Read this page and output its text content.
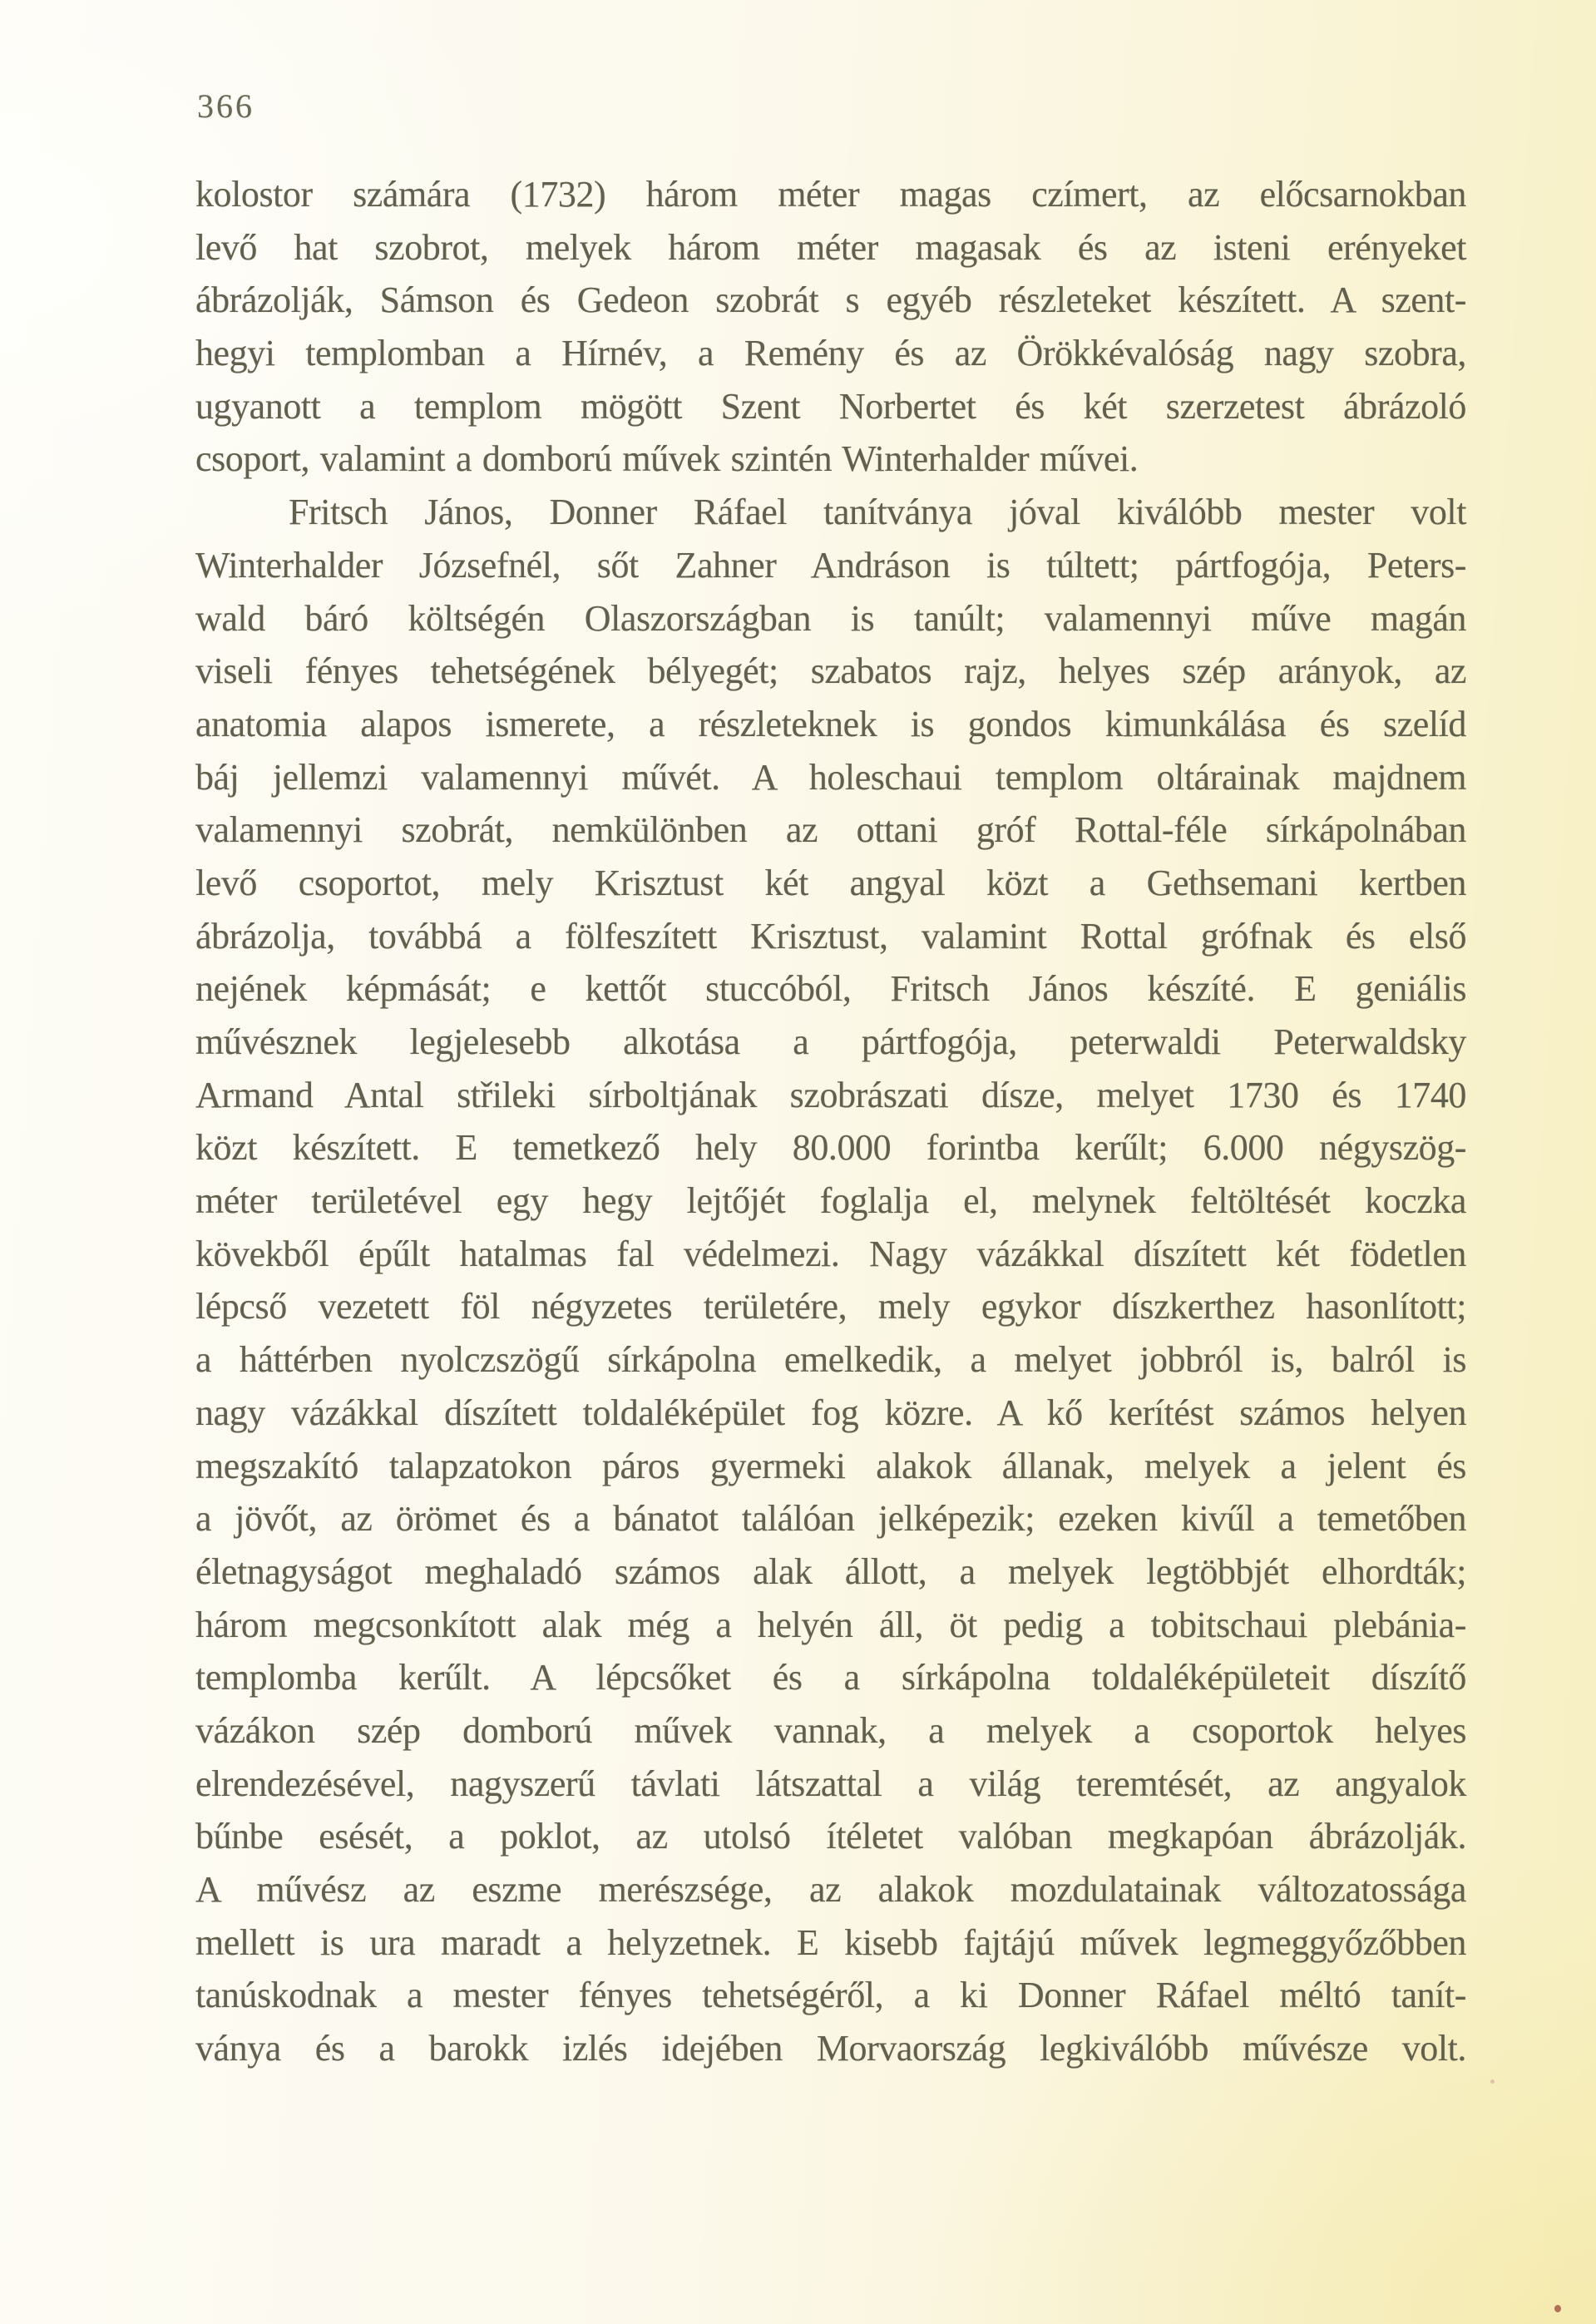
366
kolostor számára (1732) három méter magas czímert, az előcsarnokban
levő hat szobrot, melyek három méter magasak és az isteni erényeket
ábrázolják, Sámson és Gedeon szobrát s egyéb részleteket készített. A szent-
hegyi templomban a Hírnév, a Remény és az Örökkévalóság nagy szobra,
ugyanott a templom mögött Szent Norbertet és két szerzetest ábrázoló
csoport, valamint a domború művek szintén Winterhalder művei.
Fritsch János, Donner Ráfael tanítványa jóval kiválóbb mester volt
Winterhalder Józsefnél, sőt Zahner Andráson is túltett; pártfogója, Peters-
wald báró költségén Olaszországban is tanúlt; valamennyi műve magán
viseli fényes tehetségének bélyegét; szabatos rajz, helyes szép arányok, az
anatomia alapos ismerete, a részleteknek is gondos kimunkálása és szelíd
báj jellemzi valamennyi művét. A holeschaui templom oltárainak majdnem
valamennyi szobrát, nemkülönben az ottani gróf Rottal-féle sírkápolnában
levő csoportot, mely Krisztust két angyal közt a Gethsemani kertben
ábrázolja, továbbá a fölfeszített Krisztust, valamint Rottal grófnak és első
nejének képmását; e kettőt stuccóból, Fritsch János készíté. E geniális
művésznek legjelesebb alkotása a pártfogója, peterwaldi Peterwaldsky
Armand Antal střileki sírboltjának szobrászati dísze, melyet 1730 és 1740
közt készített. E temetkező hely 80.000 forintba kerűlt; 6.000 négyszög-
méter területével egy hegy lejtőjét foglalja el, melynek feltöltését koczka
kövekből épűlt hatalmas fal védelmezi. Nagy vázákkal díszített két födetlen
lépcső vezetett föl négyzetes területére, mely egykor díszkerthez hasonlított;
a háttérben nyolczszögű sírkápolna emelkedik, a melyet jobbról is, balról is
nagy vázákkal díszített toldaléképület fog közre. A kő kerítést számos helyen
megszakító talapzatokon páros gyermeki alakok állanak, melyek a jelent és
a jövőt, az örömet és a bánatot találóan jelképezik; ezeken kivűl a temetőben
életnagyságot meghaladó számos alak állott, a melyek legtöbbjét elhordták;
három megcsonkított alak még a helyén áll, öt pedig a tobitschaui plebánia-
templomba kerűlt. A lépcsőket és a sírkápolna toldaléképületeit díszítő
vázákon szép domború művek vannak, a melyek a csoportok helyes
elrendezésével, nagyszerű távlati látszattal a világ teremtését, az angyalok
bűnbe esését, a poklot, az utolsó ítéletet valóban megkapóan ábrázolják.
A művész az eszme merészsége, az alakok mozdulatainak változatossága
mellett is ura maradt a helyzetnek. E kisebb fajtájú művek legmeggyőzőbben
tanúskodnak a mester fényes tehetségéről, a ki Donner Ráfael méltó tanít-
ványa és a barokk izlés idejében Morvaország legkiválóbb művésze volt.
